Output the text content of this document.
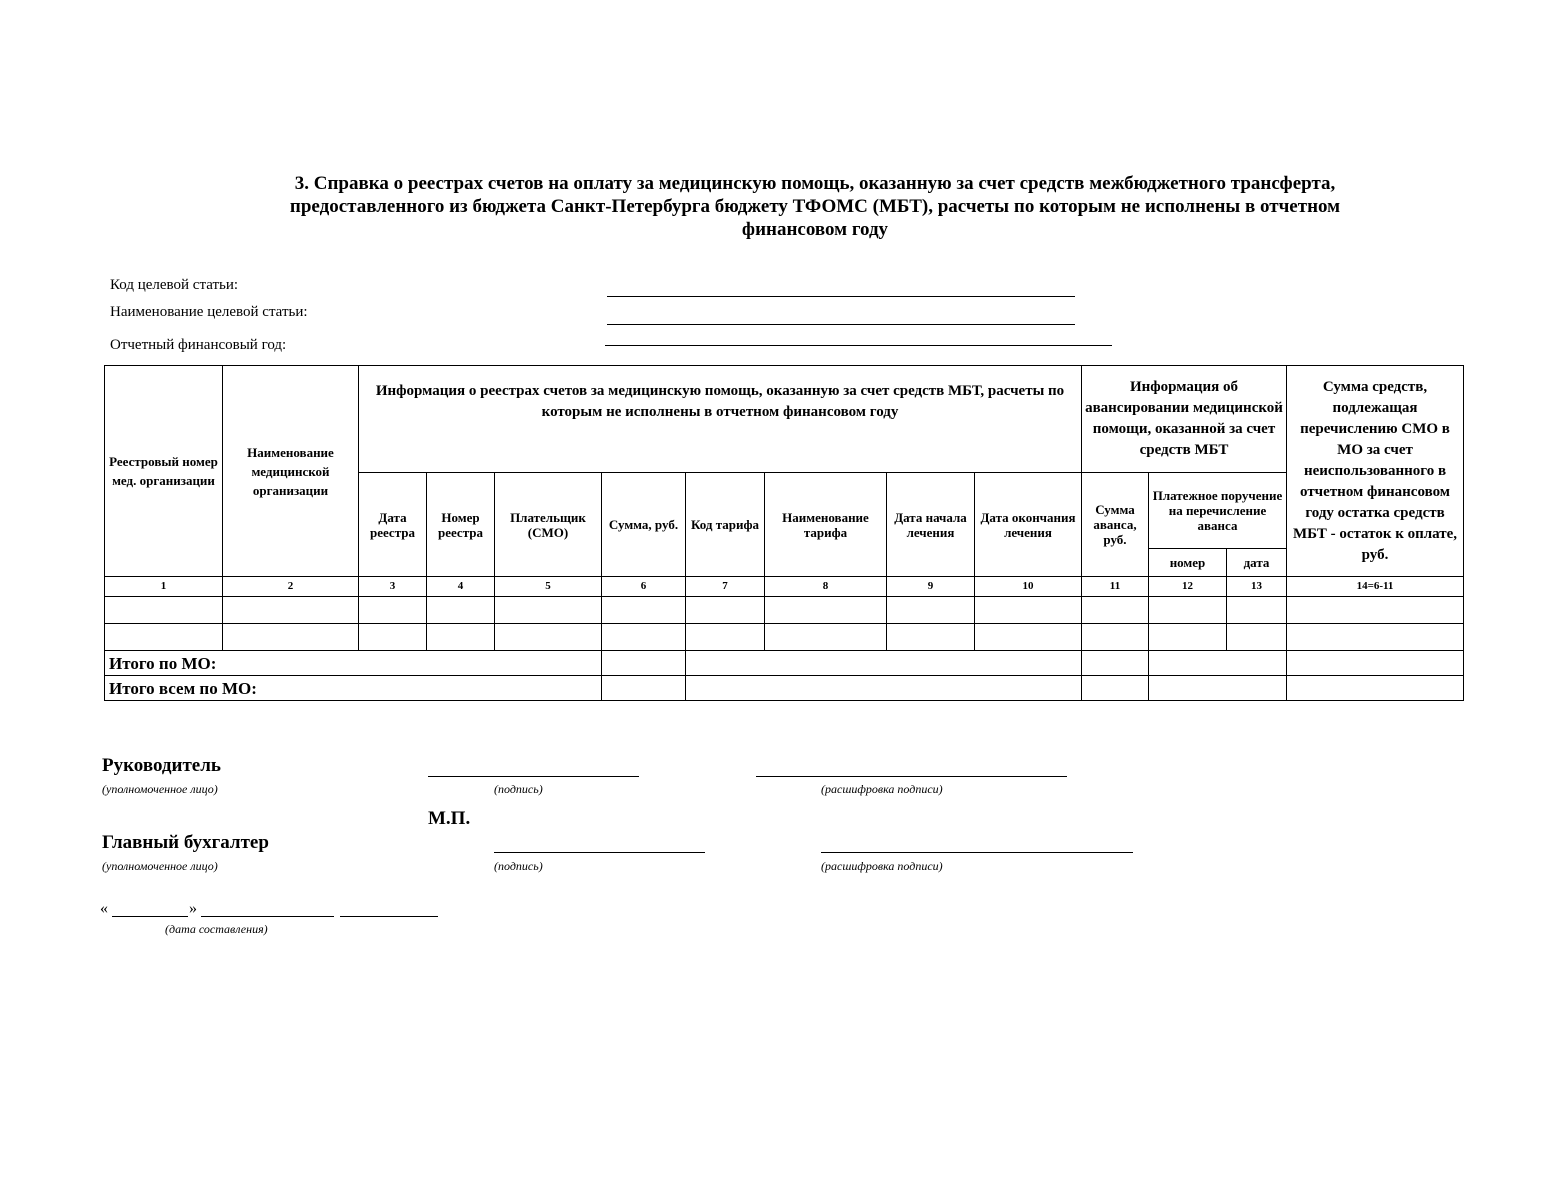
3. Справка о реестрах счетов на оплату за медицинскую помощь, оказанную за счет средств межбюджетного трансферта,
предоставленного из бюджета Санкт-Петербурга бюджету ТФОМС (МБТ), расчеты по которым не исполнены в отчетном
финансовом году
Код целевой статьи:
Наименование целевой статьи:
Отчетный финансовый год:
Реестровый номер мед. организации	Наименование медицинской организации	Информация о реестрах счетов за медицинскую помощь, оказанную за счет средств МБТ, расчеты по которым не исполнены в отчетном финансовом году								Информация об авансировании медицинской помощи, оказанной за счет средств МБТ			Сумма средств, подлежащая перечислению СМО в МО за счет неиспользованного в отчетном финансовом году остатка средств МБТ - остаток к оплате, руб.
		Дата реестра	Номер реестра	Плательщик (СМО)	Сумма, руб.	Код тарифа	Наименование тарифа	Дата начала лечения	Дата окончания лечения	Сумма аванса, руб.	Платежное поручение на перечисление аванса		
											номер	дата	
1	2	3	4	5	6	7	8	9	10	11	12	13	14=6-11

Итого по МО:													
Итого всем по МО:													
Руководитель
(уполномоченное лицо)	(подпись)	(расшифровка подписи)
М.П.
Главный бухгалтер
(уполномоченное лицо)	(подпись)	(расшифровка подписи)
«	»
(дата составления)
